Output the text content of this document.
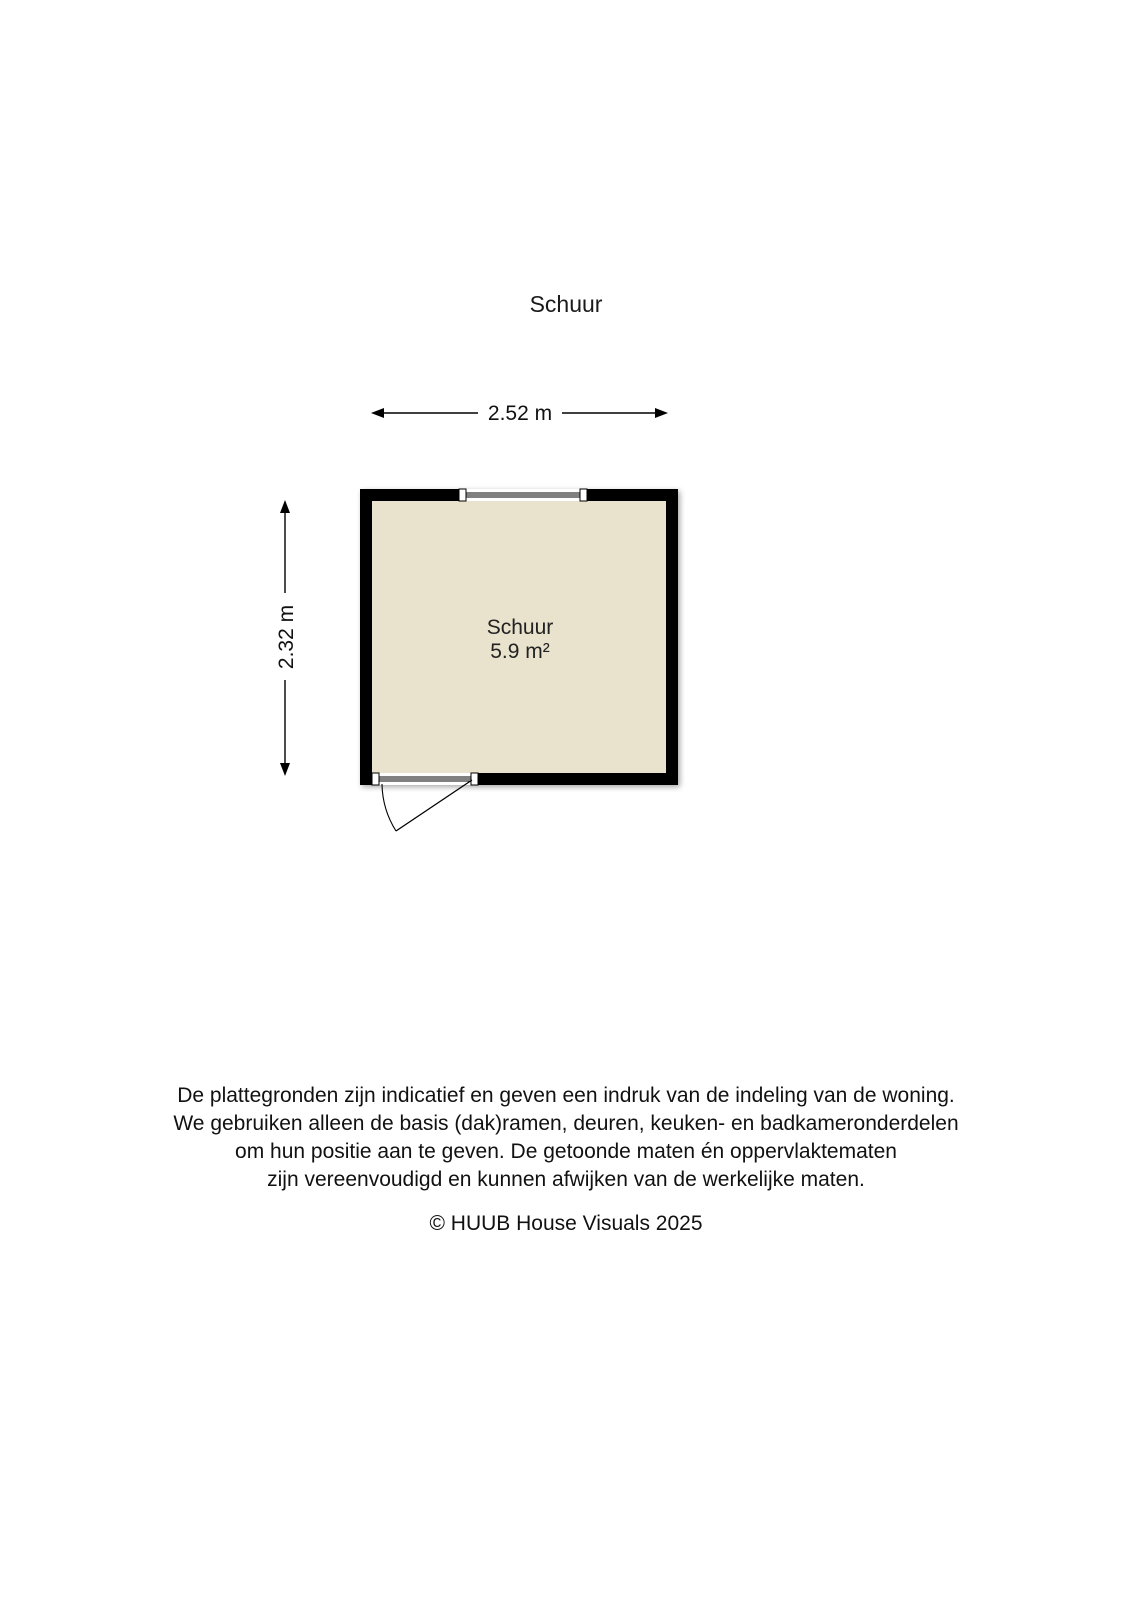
Schuur
2.52 m
2.32 m	Schuur
5.9 m²
De plattegronden zijn indicatief en geven een indruk van de indeling van de woning.
We gebruiken alleen de basis (dak)ramen, deuren, keuken- en badkameronderdelen
om hun positie aan te geven. De getoonde maten én oppervlaktematen
zijn vereenvoudigd en kunnen afwijken van de werkelijke maten.
© HUUB House Visuals 2025
